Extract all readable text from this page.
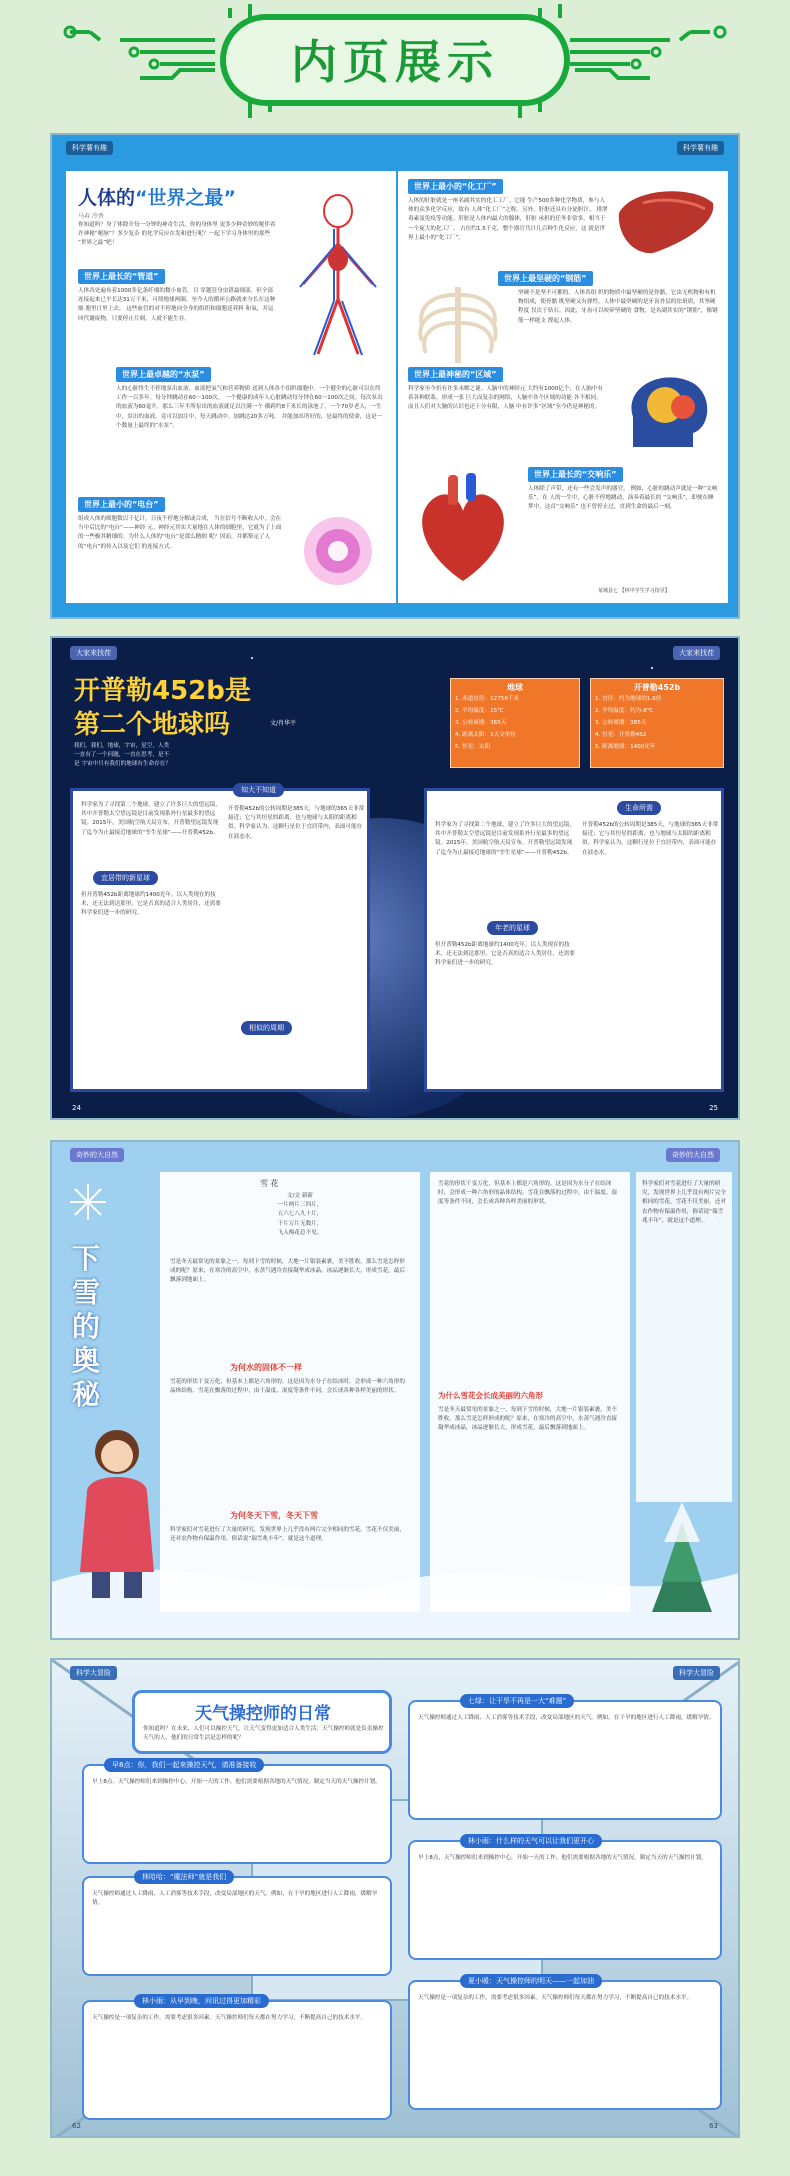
内页展示
科学薯有趣	科学薯有趣
人体的“世界之最”
马春 冷香
你知道吗？身了体除介每一分钟的神奇生活，你的身体里 更多少种奇妙的秘伴着许神秘“秘脉”？多少复杂 的化学反应在发和进行呢？一起下学习身体里的那些 “世界之最”吧！
世界上最长的“管道”
人体各处遍布着1000多亿条纤细的微小血管。目 穿越管身虫错最细部，但全部连接起来已平长达31万千米，可绕地球两圈。至今人的循环公路就来分长在这种细 胞里日里上去。 这些血管的对不停地向全身的组织和细胞送养料 和氧，并运回代谢废物，只要停止片刻，人就不能生存。
世界上最卓越的“水泵”
人的心脏终生不停地泵出血液。血液把氧气和营养物质 送到人体各个组织细胞中。一个健全的心脏可以在终工作一百多年。每分钟跳动在60～100次。 一个健康的成年人心脏跳动每分钟在60～100次之间。每次泵出的血液为60毫升。那么三年半所泵出的血液就足以注满一个 横跨约8千米长的泳池了。一个70岁老人，一生中，泵出的血液，竟可以加注中，每天跳动中。加跳达20多万吨。 并能加出所好的，是最终的使命，这是一个数量上最终的“水泵”。
世界上最小的“电台”
组成人体的细胞数以千亿计，日夜不停地分解或合成， 当在信号不断收入中，会在当中后比的“电台”——神经 元。神经元其实大量地在人体的细胞里，它就为了上面 的一些极其精细的。为什么人体的“电台”是那么精细 呢？因而，并都鉴定了人的“电台”的传入以及它们 的连接方式。
世界上最小的“化工厂”
人体的肝脏就是一座名副其实的化工工厂。它能 生产500多种化学物质，参与人体的众多化学反应，故有 人体“化工厂”之称。另外，肝脏还具有分泌胆汁、 排泄毒素及免疫等功能。肝脏是人体内最大的腺体，肝脏 承担的任务非常多，相当于一个庞大的化工厂。 占位约1.5千克。整个器官共计几百种生化反应，这 就是世界上最小的“化工厂”。
世界上最坚硬的“钢筋”
坚硬不是坚不可摧的。人体各组 织的物质中最坚硬的是骨骼，它由无机物和有机物组成，使骨骼 既坚硬又有弹性。人体中最坚硬的是牙齿外层的珐琅质，其坚硬程度 仅次于钻石。因此，牙齿可以咬碎坚硬的 食物，是名副其实的“钢筋”，像钢筋一样能支 撑起人体。
世界上最神秘的“区域”
科学家至今仍有许多未解之谜。人脑中的神经元 大约有1000亿个，在人脑中有着各种联系，形成一张 巨大而复杂的网络，人脑中各个区域的功能 各不相同，而且人们对大脑的认识也还十分有限，人脑 中有许多“区域”至今仍是神秘的。
世界上最长的“交响乐”
人体除了声带，还有一些会发声的器官。 例如，心脏的跳动声就是一种“交响乐”。在 人的一生中，心脏不停地跳动，演奏着最长的 “交响乐”，即便在睡梦中，这首“交响乐” 也不曾停止过，直到生命的最后一刻。
某城县七 【林中学生学习指导】
大家来找茬	大家来找茬
开普勒452b是
第二个地球吗	文/肖华平
地球
1. 赤道直径：12756千米
2. 平均温度：15℃
3. 公转周期：365天
4. 距离太阳：1天文单位
5. 恒星：太阳
开普勒452b
1. 直径：约为地球的1.6倍
2. 平均温度：约为-8℃
3. 公转周期：385天
4. 恒星：开普勒452
5. 距离地球：1400光年
我们，我们，地球，宇宙，星空，人类 一直有了一个问题，一直在思考，是不是 宇宙中只有我们的地球有生命存在？
知大不知道
宜居带的新星球
科学家为了寻找第二个地球，建立了许多巨大的望远镜，其中开普勒太空望远镜是目前发现系外行星最多的望远镜。2015年，美国航空航天局宣布，开普勒望远镜发现了迄今为止最接近地球的“孪生星球”——开普勒452b。
开普勒452b的公转周期是385天，与地球的365天非常接近；它与其恒星的距离，也与地球与太阳的距离相似。科学家认为，这颗行星位于宜居带内，表面可能存在液态水。
但开普勒452b距离地球约1400光年，以人类现在的技术，还无法到达那里。它是否真的适合人类居住，还需要科学家们进一步的研究。
相似的周期
生命所需
年老的星球
科学家为了寻找第二个地球，建立了许多巨大的望远镜，其中开普勒太空望远镜是目前发现系外行星最多的望远镜。2015年，美国航空航天局宣布，开普勒望远镜发现了迄今为止最接近地球的“孪生星球”——开普勒452b。
开普勒452b的公转周期是385天，与地球的365天非常接近；它与其恒星的距离，也与地球与太阳的距离相似。科学家认为，这颗行星位于宜居带内，表面可能存在液态水。
但开普勒452b距离地球约1400光年，以人类现在的技术，还无法到达那里。它是否真的适合人类居住，还需要科学家们进一步的研究。
24	25
奇妙的大自然	奇妙的大自然
下雪的奥秘
雪 花
文/文 新新
一片两片三四片，
五六七八九十片，
千片万片无数片，
飞入梅花总不见。
雪是冬天最常见的景象之一，每到下雪的时候，大地一片银装素裹，美不胜收。那么雪是怎样形成的呢？原来，在寒冷的高空中，水蒸气遇冷直接凝华成冰晶，冰晶逐渐长大，形成雪花，最后飘落到地面上。
为何水的固体不一样
雪花的形状千变万化，但基本上都是六角形的。这是因为水分子在结冰时，会形成一种六角形的晶体结构。雪花在飘落的过程中，由于温度、湿度等条件不同，会长成各种各样美丽的形状。
为何冬天下雪，冬天下雪
科学家们对雪花进行了大量的研究，发现世界上几乎没有两片完全相同的雪花。雪花不仅美丽，还对农作物有保温作用，俗话说“瑞雪兆丰年”，就是这个道理。
雪花的形状千变万化，但基本上都是六角形的。这是因为水分子在结冰时，会形成一种六角形的晶体结构。雪花在飘落的过程中，由于温度、湿度等条件不同，会长成各种各样美丽的形状。
为什么雪花会长成美丽的六角形
雪是冬天最常见的景象之一，每到下雪的时候，大地一片银装素裹，美不胜收。那么雪是怎样形成的呢？原来，在寒冷的高空中，水蒸气遇冷直接凝华成冰晶，冰晶逐渐长大，形成雪花，最后飘落到地面上。
科学家们对雪花进行了大量的研究，发现世界上几乎没有两片完全相同的雪花。雪花不仅美丽，还对农作物有保温作用，俗话说“瑞雪兆丰年”，就是这个道理。
科学大冒险	科学大冒险
天气操控师的日常
你知道吗？在未来，人们可以操控天气，让天气变得更加适合人类生活。天气操控师就是负责操控天气的人，他们的日常生活是怎样的呢？
早8点：你，我们一起来操控天气，请准备接收
早上8点，天气操控师们来到操控中心，开始一天的工作。他们需要根据各地的天气情况，制定当天的天气操控计划。
林哈哈：“魔法师”就是我们
天气操控师通过人工降雨、人工消雾等技术手段，改变局部地区的天气。例如，在干旱的地区进行人工降雨，缓解旱情。
林小雨：从早到晚，问讯过得更加精彩
天气操控是一项复杂的工作，需要考虑很多因素。天气操控师们每天都在努力学习，不断提高自己的技术水平。
七绿：让干旱不再是一大“难题”
天气操控师通过人工降雨、人工消雾等技术手段，改变局部地区的天气。例如，在干旱的地区进行人工降雨，缓解旱情。
林小雨：什么样的天气可以让我们更开心
早上8点，天气操控师们来到操控中心，开始一天的工作。他们需要根据各地的天气情况，制定当天的天气操控计划。
夏小暖：天气操控师的明天——一起加油
天气操控是一项复杂的工作，需要考虑很多因素。天气操控师们每天都在努力学习，不断提高自己的技术水平。
62	63
